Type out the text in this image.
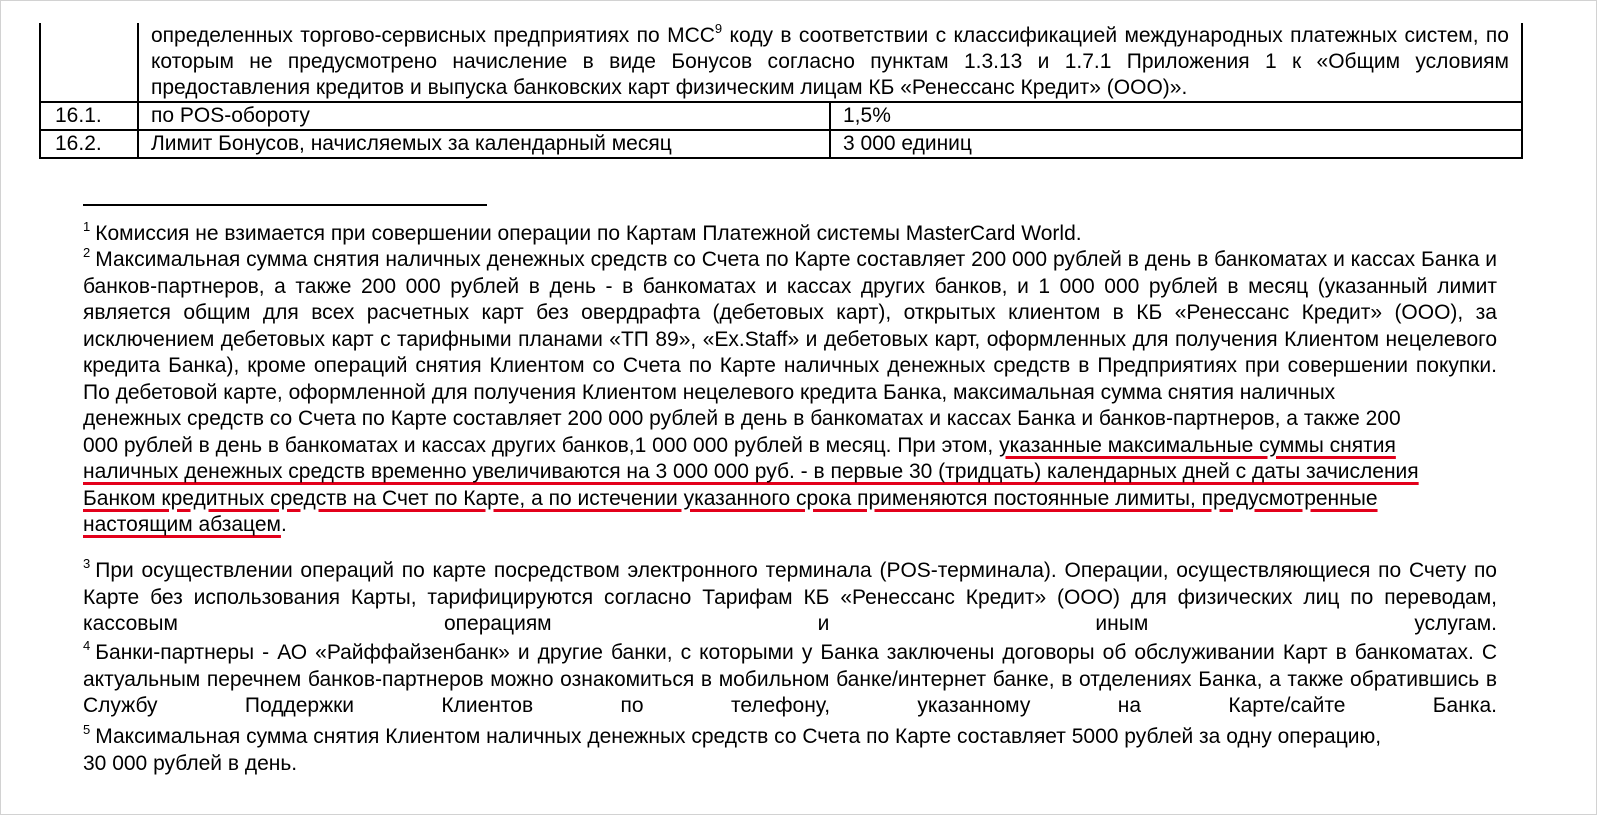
	определенных торгово-сервисных предприятиях по MCC$^9$ коду в соответствии с классификацией международных платежных систем, по которым не предусмотрено начисление в виде Бонусов согласно пунктам 1.3.13 и 1.7.1 Приложения 1 к «Общим условиям предоставления кредитов и выпуска банковских карт физическим лицам КБ «Ренессанс Кредит» (ООО)».	
16.1.	по POS-обороту	1,5%
16.2.	Лимит Бонусов, начисляемых за календарный месяц	3 000 единиц
$^1$ Комиссия не взимается при совершении операции по Картам Платежной системы MasterCard World.
$^2$ Максимальная сумма снятия наличных денежных средств со Счета по Карте составляет 200 000 рублей в день в банкоматах и кассах Банка и банков-партнеров, а также 200 000 рублей в день - в банкоматах и кассах других банков, и 1 000 000 рублей в месяц (указанный лимит является общим для всех расчетных карт без овердрафта (дебетовых карт), открытых клиентом в КБ «Ренессанс Кредит» (ООО), за исключением дебетовых карт с тарифными планами «ТП 89», «Ex.Staff» и дебетовых карт, оформленных для получения Клиентом нецелевого кредита Банка), кроме операций снятия Клиентом со Счета по Карте наличных денежных средств в Предприятиях при совершении покупки.

По дебетовой карте, оформленной для получения Клиентом нецелевого кредита Банка, максимальная сумма снятия наличных
денежных средств со Счета по Карте составляет 200 000 рублей в день в банкоматах и кассах Банка и банков-партнеров, а также 200
000 рублей в день в банкоматах и кассах других банков,1 000 000 рублей в месяц. При этом, указанные максимальные суммы снятия
наличных денежных средств временно увеличиваются на 3 000 000 руб. - в первые 30 (тридцать) календарных дней с даты зачисления
Банком кредитных средств на Счет по Карте, а по истечении указанного срока применяются постоянные лимиты, предусмотренные
настоящим абзацем.
$^3$ При осуществлении операций по карте посредством электронного терминала (POS-терминала). Операции, осуществляющиеся по Счету по Карте без использования Карты, тарифицируются согласно Тарифам КБ «Ренессанс Кредит» (ООО) для физических лиц по переводам, кассовым операциям и иным услугам.
$^4$ Банки-партнеры - АО «Райффайзенбанк» и другие банки, с которыми у Банка заключены договоры об обслуживании Карт в банкоматах. С актуальным перечнем банков-партнеров можно ознакомиться в мобильном банке/интернет банке, в отделениях Банка, а также обратившись в Службу Поддержки Клиентов по телефону, указанному на Карте/сайте Банка.
$^5$ Максимальная сумма снятия Клиентом наличных денежных средств со Счета по Карте составляет 5000 рублей за одну операцию,
30 000 рублей в день.
